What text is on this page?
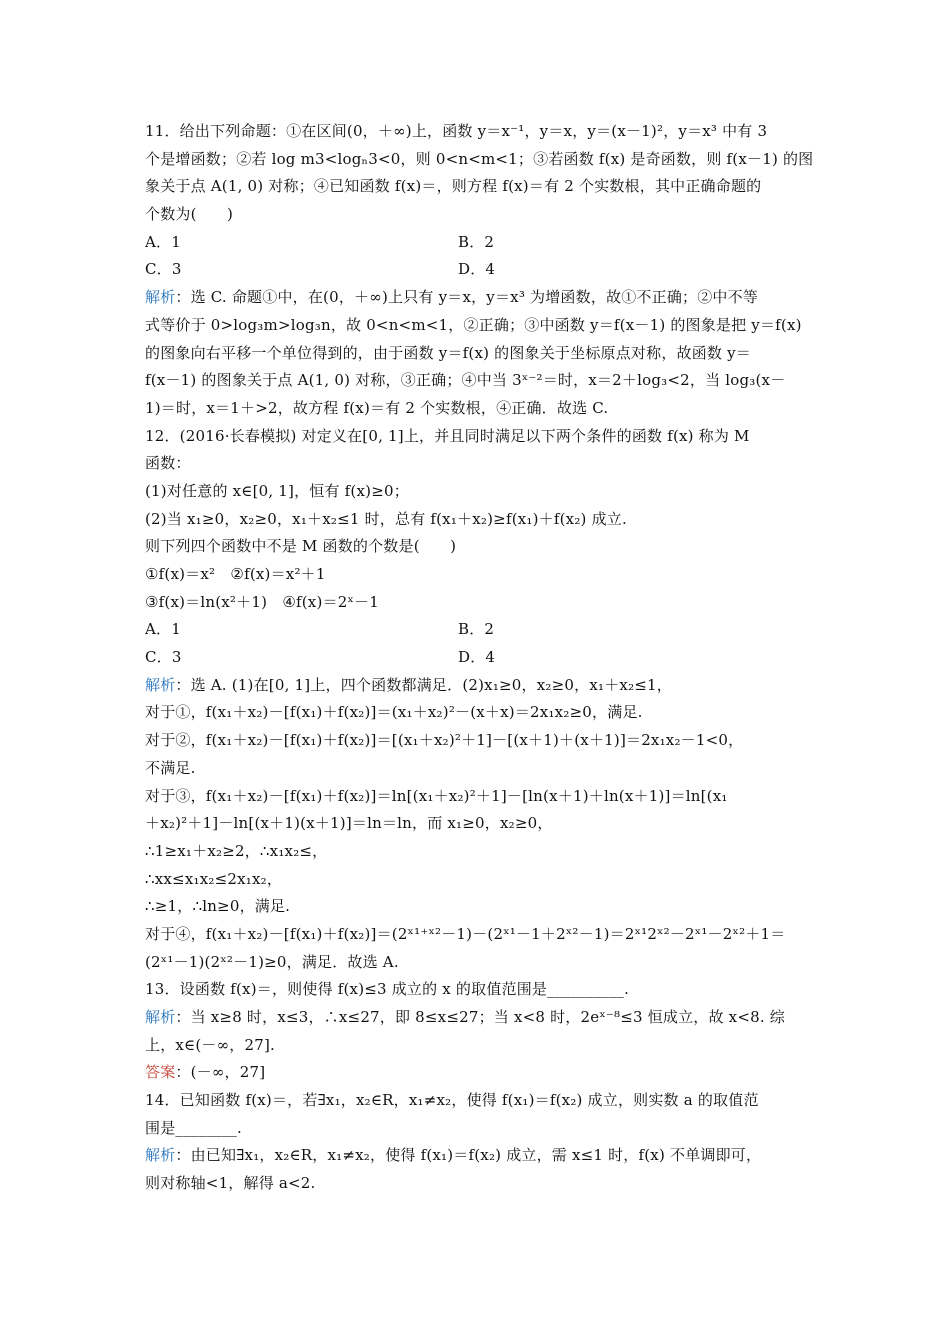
11．给出下列命题：①在区间(0，＋∞)上，函数 y＝x⁻¹，y＝x，y＝(x－1)²，y＝x³ 中有 3
个是增函数；②若 log m3<logₙ3<0，则 0<n<m<1；③若函数 f(x) 是奇函数，则 f(x－1) 的图
象关于点 A(1, 0) 对称；④已知函数 f(x)＝，则方程 f(x)＝有 2 个实数根，其中正确命题的
个数为(　　)
A．1	B．2
C．3	D．4
解析：选 C. 命题①中，在(0，＋∞)上只有 y＝x，y＝x³ 为增函数，故①不正确；②中不等
式等价于 0>log₃m>log₃n，故 0<n<m<1，②正确；③中函数 y＝f(x－1) 的图象是把 y＝f(x)
的图象向右平移一个单位得到的，由于函数 y＝f(x) 的图象关于坐标原点对称，故函数 y＝
f(x－1) 的图象关于点 A(1, 0) 对称，③正确；④中当 3ˣ⁻²＝时，x＝2＋log₃<2，当 log₃(x－
1)＝时，x＝1＋>2，故方程 f(x)＝有 2 个实数根，④正确．故选 C.
12．(2016·长春模拟) 对定义在[0, 1]上，并且同时满足以下两个条件的函数 f(x) 称为 M
函数：
(1)对任意的 x∈[0, 1]，恒有 f(x)≥0；
(2)当 x₁≥0，x₂≥0，x₁＋x₂≤1 时，总有 f(x₁＋x₂)≥f(x₁)＋f(x₂) 成立.
则下列四个函数中不是 M 函数的个数是(　　)
①f(x)＝x²　②f(x)＝x²＋1
③f(x)＝ln(x²＋1)　④f(x)＝2ˣ－1
A．1	B．2
C．3	D．4
解析：选 A. (1)在[0, 1]上，四个函数都满足．(2)x₁≥0，x₂≥0，x₁＋x₂≤1，
对于①，f(x₁＋x₂)－[f(x₁)＋f(x₂)]＝(x₁＋x₂)²－(x＋x)＝2x₁x₂≥0，满足.
对于②，f(x₁＋x₂)－[f(x₁)＋f(x₂)]＝[(x₁＋x₂)²＋1]－[(x＋1)＋(x＋1)]＝2x₁x₂－1<0，
不满足.
对于③，f(x₁＋x₂)－[f(x₁)＋f(x₂)]＝ln[(x₁＋x₂)²＋1]－[ln(x＋1)＋ln(x＋1)]＝ln[(x₁
＋x₂)²＋1]－ln[(x＋1)(x＋1)]＝ln＝ln，而 x₁≥0，x₂≥0，
∴1≥x₁＋x₂≥2，∴x₁x₂≤，
∴xx≤x₁x₂≤2x₁x₂，
∴≥1，∴ln≥0，满足.
对于④，f(x₁＋x₂)－[f(x₁)＋f(x₂)]＝(2ˣ¹⁺ˣ²－1)－(2ˣ¹－1＋2ˣ²－1)＝2ˣ¹2ˣ²－2ˣ¹－2ˣ²＋1＝
(2ˣ¹－1)(2ˣ²－1)≥0，满足．故选 A.
13．设函数 f(x)＝，则使得 f(x)≤3 成立的 x 的取值范围是__________.
解析：当 x≥8 时，x≤3，∴x≤27，即 8≤x≤27；当 x<8 时，2eˣ⁻⁸≤3 恒成立，故 x<8. 综
上，x∈(－∞，27].
答案：(－∞，27]
14．已知函数 f(x)＝，若∃x₁，x₂∈R，x₁≠x₂，使得 f(x₁)＝f(x₂) 成立，则实数 a 的取值范
围是________.
解析：由已知∃x₁，x₂∈R，x₁≠x₂，使得 f(x₁)＝f(x₂) 成立，需 x≤1 时，f(x) 不单调即可，
则对称轴<1，解得 a<2.
